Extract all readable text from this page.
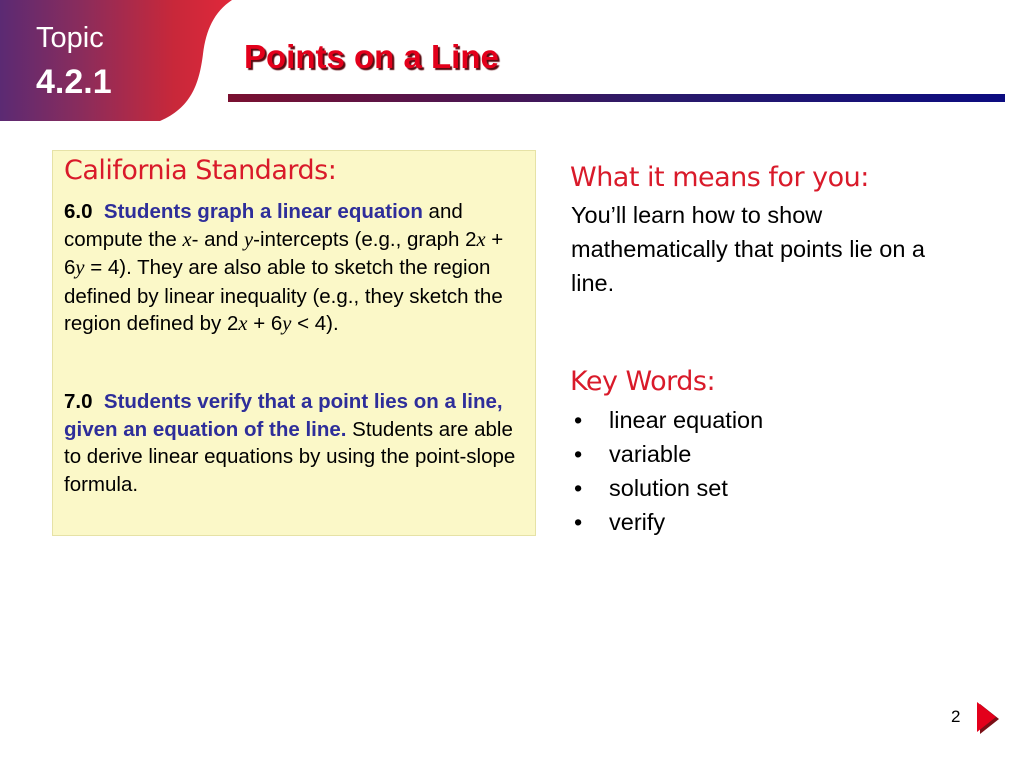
Topic
4.2.1
Points on a Line
California Standards:
6.0 Students graph a linear equation and compute the x- and y-intercepts (e.g., graph 2x + 6y = 4). They are also able to sketch the region defined by linear inequality (e.g., they sketch the region defined by 2x + 6y < 4).
7.0 Students verify that a point lies on a line, given an equation of the line. Students are able to derive linear equations by using the point-slope formula.
What it means for you:
You’ll learn how to show mathematically that points lie on a line.
Key Words:
• linear equation
• variable
• solution set
• verify
2
